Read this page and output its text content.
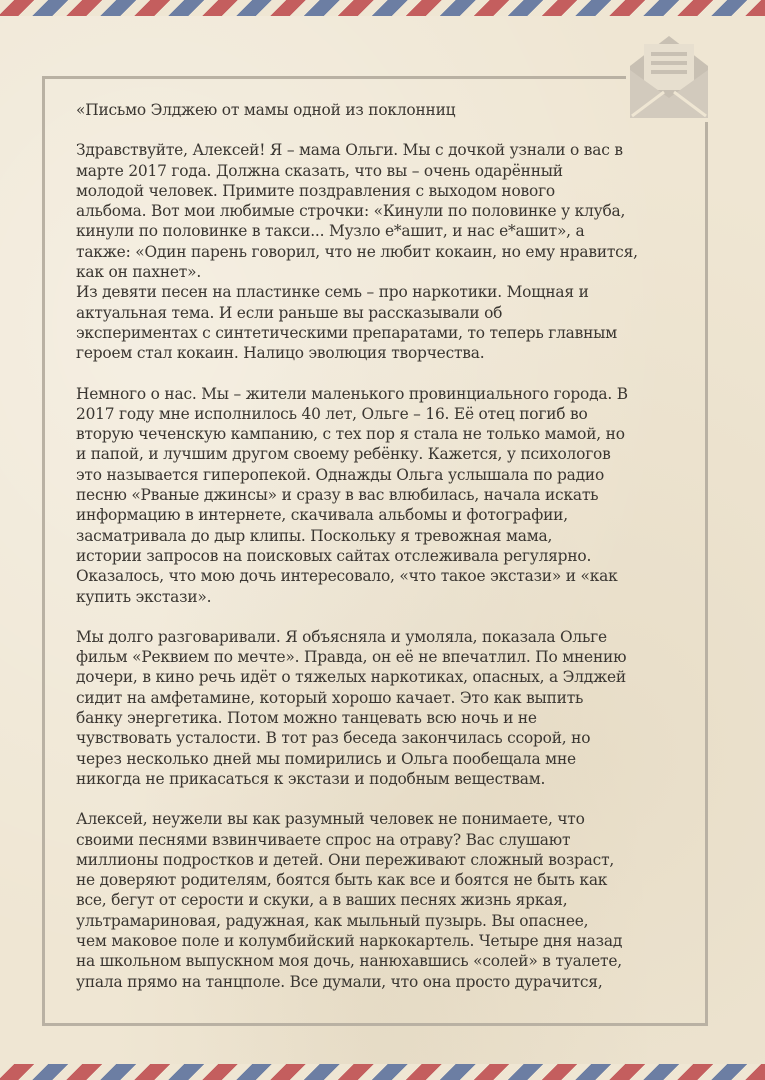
«Письмо Элджею от мамы одной из поклонниц

Здравствуйте, Алексей! Я – мама Ольги. Мы с дочкой узнали о вас в
марте 2017 года. Должна сказать, что вы – очень одарённый
молодой человек. Примите поздравления с выходом нового
альбома. Вот мои любимые строчки: «Кинули по половинке у клуба,
кинули по половинке в такси... Музло е*ашит, и нас е*ашит», а
также: «Один парень говорил, что не любит кокаин, но ему нравится,
как он пахнет».
Из девяти песен на пластинке семь – про наркотики. Мощная и
актуальная тема. И если раньше вы рассказывали об
экспериментах с синтетическими препаратами, то теперь главным
героем стал кокаин. Налицо эволюция творчества.

Немного о нас. Мы – жители маленького провинциального города. В
2017 году мне исполнилось 40 лет, Ольге – 16. Её отец погиб во
вторую чеченскую кампанию, с тех пор я стала не только мамой, но
и папой, и лучшим другом своему ребёнку. Кажется, у психологов
это называется гиперопекой. Однажды Ольга услышала по радио
песню «Рваные джинсы» и сразу в вас влюбилась, начала искать
информацию в интернете, скачивала альбомы и фотографии,
засматривала до дыр клипы. Поскольку я тревожная мама,
истории запросов на поисковых сайтах отслеживала регулярно.
Оказалось, что мою дочь интересовало, «что такое экстази» и «как
купить экстази».

Мы долго разговаривали. Я объясняла и умоляла, показала Ольге
фильм «Реквием по мечте». Правда, он её не впечатлил. По мнению
дочери, в кино речь идёт о тяжелых наркотиках, опасных, а Элджей
сидит на амфетамине, который хорошо качает. Это как выпить
банку энергетика. Потом можно танцевать всю ночь и не
чувствовать усталости. В тот раз беседа закончилась ссорой, но
через несколько дней мы помирились и Ольга пообещала мне
никогда не прикасаться к экстази и подобным веществам.

Алексей, неужели вы как разумный человек не понимаете, что
своими песнями взвинчиваете спрос на отраву? Вас слушают
миллионы подростков и детей. Они переживают сложный возраст,
не доверяют родителям, боятся быть как все и боятся не быть как
все, бегут от серости и скуки, а в ваших песнях жизнь яркая,
ультрамариновая, радужная, как мыльный пузырь. Вы опаснее,
чем маковое поле и колумбийский наркокартель. Четыре дня назад
на школьном выпускном моя дочь, нанюхавшись «солей» в туалете,
упала прямо на танцполе. Все думали, что она просто дурачится,
